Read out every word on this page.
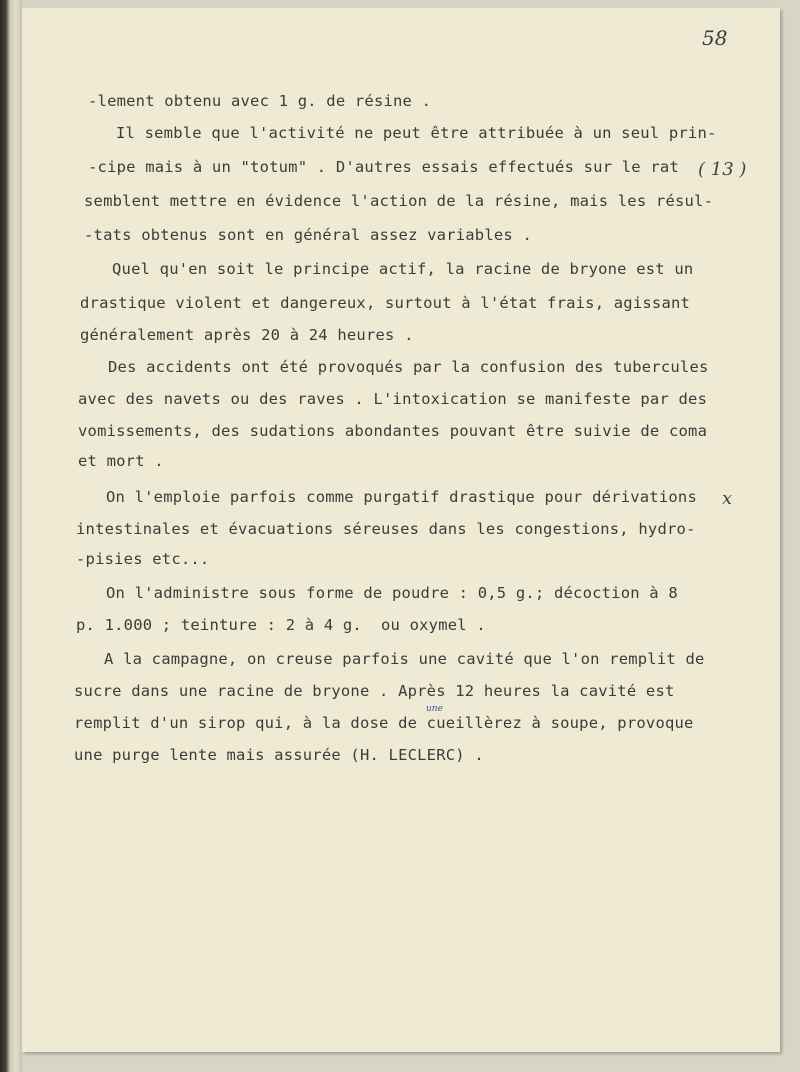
58
-lement obtenu avec 1 g. de résine .
Il semble que l'activité ne peut être attribuée à un seul prin-
-cipe mais à un "totum" . D'autres essais effectués sur le rat ( 13 )
semblent mettre en évidence l'action de la résine, mais les résul-
-tats obtenus sont en général assez variables .
Quel qu'en soit le principe actif, la racine de bryone est un
drastique violent et dangereux, surtout à l'état frais, agissant
généralement après 20 à 24 heures .
Des accidents ont été provoqués par la confusion des tubercules
avec des navets ou des raves . L'intoxication se manifeste par des
vomissements, des sudations abondantes pouvant être suivie de coma
et mort .
On l'emploie parfois comme purgatif drastique pour dérivations x
intestinales et évacuations séreuses dans les congestions, hydro-
-pisies etc...
On l'administre sous forme de poudre : 0,5 g.; décoction à 8
p. 1.000 ; teinture : 2 à 4 g.  ou oxymel .
A la campagne, on creuse parfois une cavité que l'on remplit de
sucre dans une racine de bryone . Après 12 heures la cavité est
une
remplit d'un sirop qui, à la dose de cueillèrez à soupe, provoque
une purge lente mais assurée (H. LECLERC) .
